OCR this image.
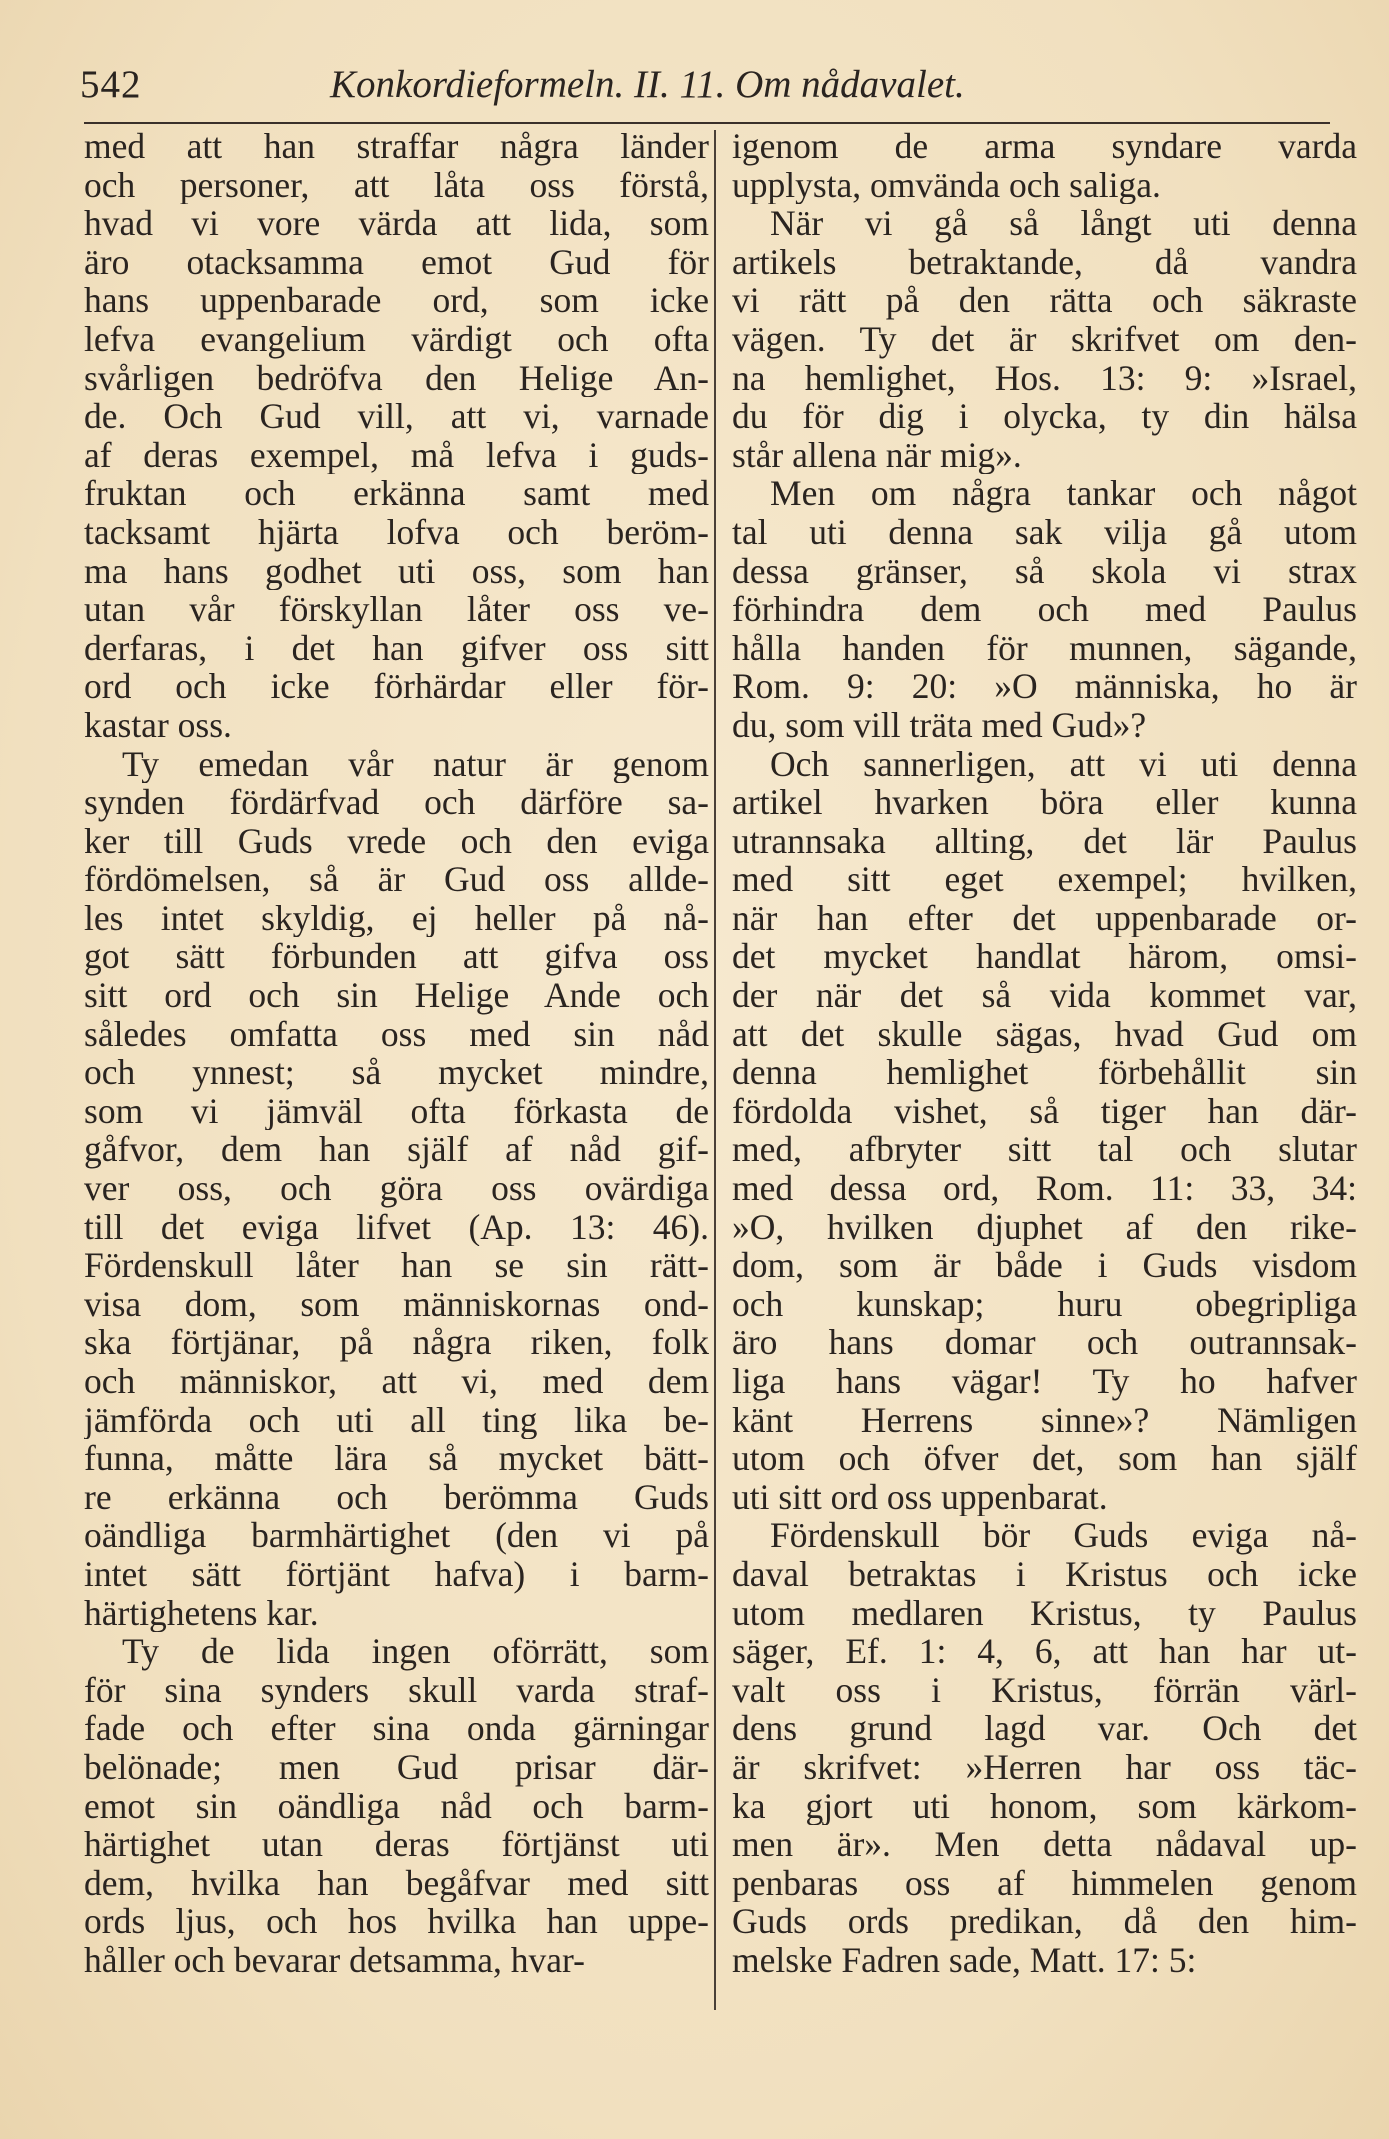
542	Konkordieformeln. II. 11. Om nådavalet.
med att han straffar några länder
och personer, att låta oss förstå,
hvad vi vore värda att lida, som
äro otacksamma emot Gud för
hans uppenbarade ord, som icke
lefva evangelium värdigt och ofta
svårligen bedröfva den Helige An-
de. Och Gud vill, att vi, varnade
af deras exempel, må lefva i guds-
fruktan och erkänna samt med
tacksamt hjärta lofva och beröm-
ma hans godhet uti oss, som han
utan vår förskyllan låter oss ve-
derfaras, i det han gifver oss sitt
ord och icke förhärdar eller för-
kastar oss.
Ty emedan vår natur är genom
synden fördärfvad och därföre sa-
ker till Guds vrede och den eviga
fördömelsen, så är Gud oss allde-
les intet skyldig, ej heller på nå-
got sätt förbunden att gifva oss
sitt ord och sin Helige Ande och
således omfatta oss med sin nåd
och ynnest; så mycket mindre,
som vi jämväl ofta förkasta de
gåfvor, dem han själf af nåd gif-
ver oss, och göra oss ovärdiga
till det eviga lifvet (Ap. 13: 46).
Fördenskull låter han se sin rätt-
visa dom, som människornas ond-
ska förtjänar, på några riken, folk
och människor, att vi, med dem
jämförda och uti all ting lika be-
funna, måtte lära så mycket bätt-
re erkänna och berömma Guds
oändliga barmhärtighet (den vi på
intet sätt förtjänt hafva) i barm-
härtighetens kar.
Ty de lida ingen oförrätt, som
för sina synders skull varda straf-
fade och efter sina onda gärningar
belönade; men Gud prisar där-
emot sin oändliga nåd och barm-
härtighet utan deras förtjänst uti
dem, hvilka han begåfvar med sitt
ords ljus, och hos hvilka han uppe-
håller och bevarar detsamma, hvar-
igenom de arma syndare varda
upplysta, omvända och saliga.
När vi gå så långt uti denna
artikels betraktande, då vandra
vi rätt på den rätta och säkraste
vägen. Ty det är skrifvet om den-
na hemlighet, Hos. 13: 9: »Israel,
du för dig i olycka, ty din hälsa
står allena när mig».
Men om några tankar och något
tal uti denna sak vilja gå utom
dessa gränser, så skola vi strax
förhindra dem och med Paulus
hålla handen för munnen, sägande,
Rom. 9: 20: »O människa, ho är
du, som vill träta med Gud»?
Och sannerligen, att vi uti denna
artikel hvarken böra eller kunna
utrannsaka allting, det lär Paulus
med sitt eget exempel; hvilken,
när han efter det uppenbarade or-
det mycket handlat härom, omsi-
der när det så vida kommet var,
att det skulle sägas, hvad Gud om
denna hemlighet förbehållit sin
fördolda vishet, så tiger han där-
med, afbryter sitt tal och slutar
med dessa ord, Rom. 11: 33, 34:
»O, hvilken djuphet af den rike-
dom, som är både i Guds visdom
och kunskap; huru obegripliga
äro hans domar och outrannsak-
liga hans vägar! Ty ho hafver
känt Herrens sinne»? Nämligen
utom och öfver det, som han själf
uti sitt ord oss uppenbarat.
Fördenskull bör Guds eviga nå-
daval betraktas i Kristus och icke
utom medlaren Kristus, ty Paulus
säger, Ef. 1: 4, 6, att han har ut-
valt oss i Kristus, förrän värl-
dens grund lagd var. Och det
är skrifvet: »Herren har oss täc-
ka gjort uti honom, som kärkom-
men är». Men detta nådaval up-
penbaras oss af himmelen genom
Guds ords predikan, då den him-
melske Fadren sade, Matt. 17: 5:
